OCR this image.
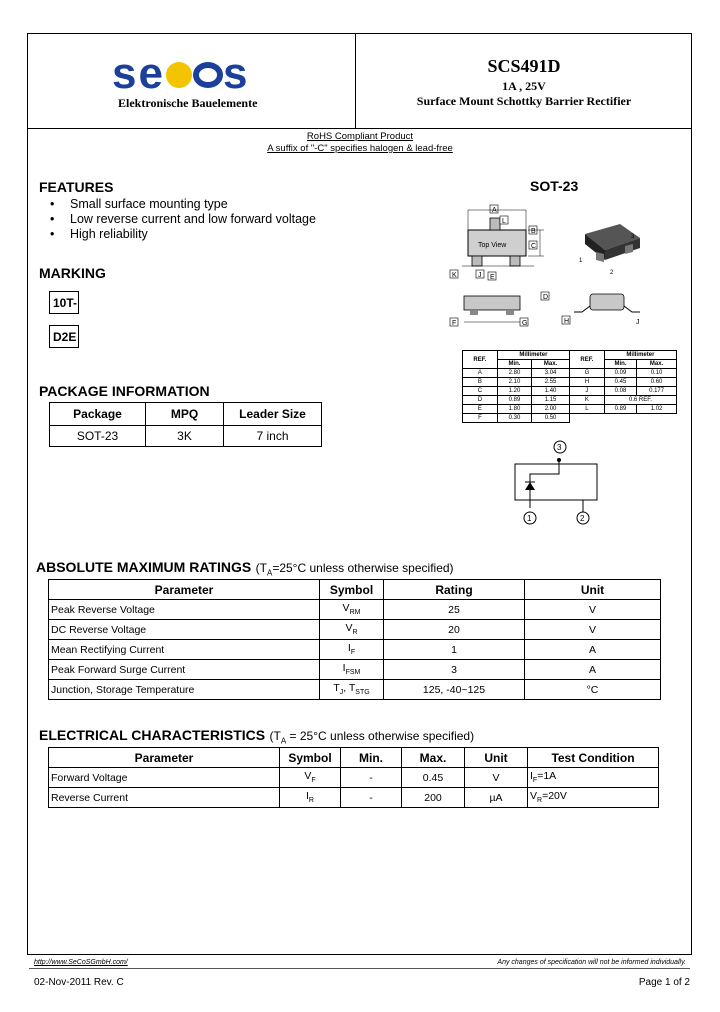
se s
Elektronische Bauelemente
SCS491D
1A , 25V
Surface Mount Schottky Barrier Rectifier
RoHS Compliant Product
A suffix of "-C" specifies halogen & lead-free
FEATURES
• Small surface mounting type
• Low reverse current and low forward voltage
• High reliability
MARKING
10T-
D2E
PACKAGE INFORMATION
Package	MPQ	Leader Size
SOT-23	3K	7 inch
SOT-23
Top View
A
L
B
C
K	J E
D
F	G	H
3
1
2
J
REF.	Millimeter		REF.	Millimeter	
	Min.	Max.		Min.	Max.
A	2.80	3.04	G	0.09	0.10
B	2.10	2.55	H	0.45	0.60
C	1.20	1.40	J	0.08	0.177
D	0.89	1.15	K	0.6 REF.	
E	1.80	2.00	L	0.89	1.02
F	0.30	0.50			
3
1	2
ABSOLUTE MAXIMUM RATINGS ($T_A=25^\circ C$ unless otherwise specified)
Parameter	Symbol	Rating	Unit
Peak Reverse Voltage	$V_{RM}$	25	V
DC Reverse Voltage	$V_R$	20	V
Mean Rectifying Current	$I_F$	1	A
Peak Forward Surge Current	$I_{FSM}$	3	A
Junction, Storage Temperature	$T_J$, $T_{STG}$	125, -40~125	°C
ELECTRICAL CHARACTERISTICS ($T_A = 25^\circ C$ unless otherwise specified)
Parameter	Symbol	Min.	Max.	Unit	Test Condition
Forward Voltage	$V_F$	-	0.45	V	$I_F=1A$
Reverse Current	$I_R$	-	200	µA	$V_R=20V$
http://www.SeCoSGmbH.com/	Any changes of specification will not be informed individually.
02-Nov-2011 Rev. C	Page 1 of 2
